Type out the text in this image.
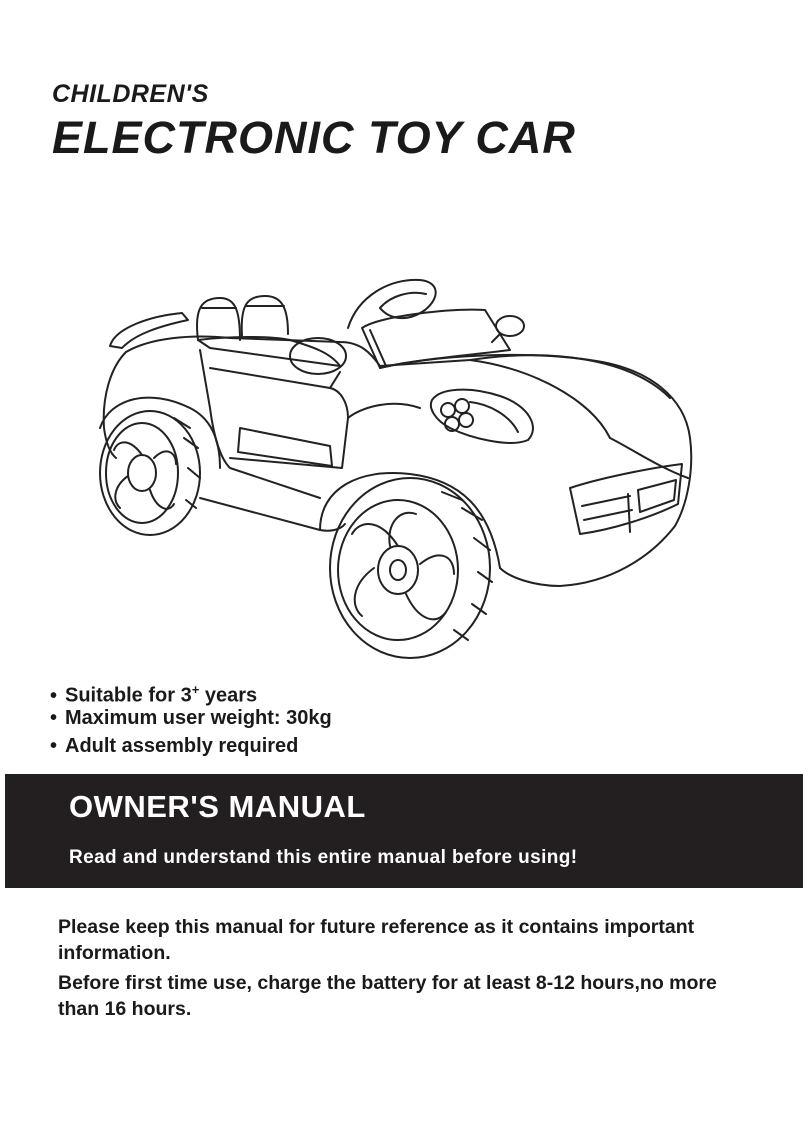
CHILDREN'S
ELECTRONIC TOY CAR
• Suitable for 3+ years
• Maximum user weight: 30kg
• Adult assembly required
OWNER'S MANUAL

Read and understand this entire manual before using!

Please keep this manual for future reference as it contains important information.

Before first time use, charge the battery for at least 8-12 hours,no more than 16 hours.
